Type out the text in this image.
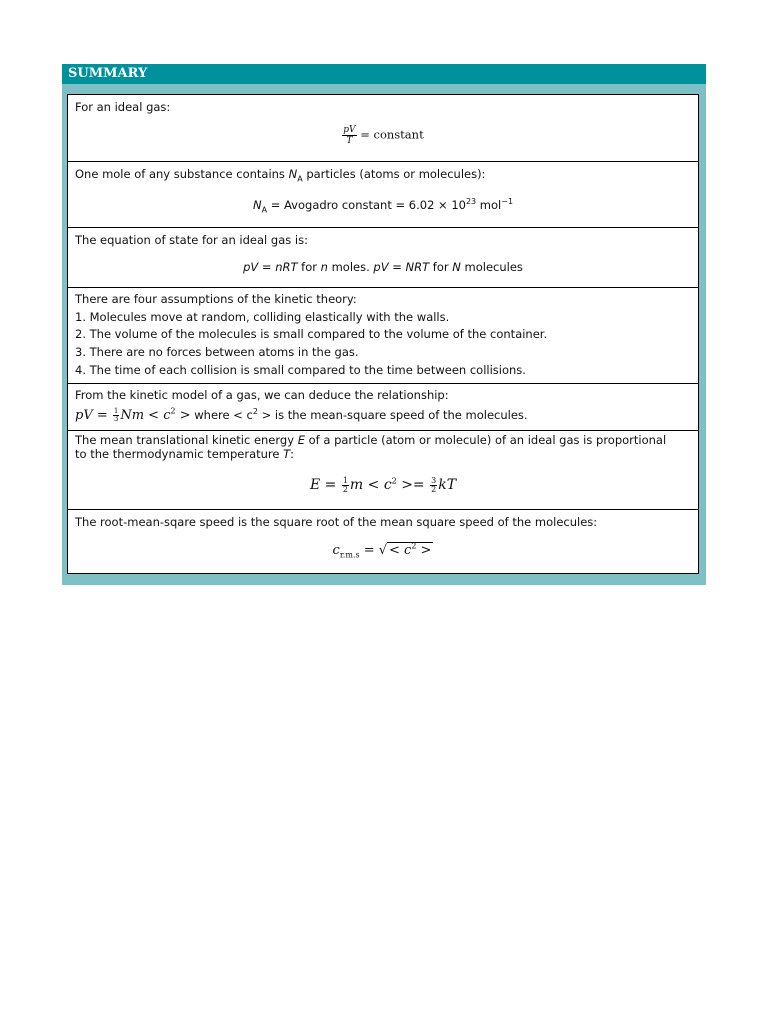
SUMMARY
For an ideal gas:
$\frac{pV}{T}$ = constant
One mole of any substance contains $N_A$ particles (atoms or molecules):
$N_A$ = Avogadro constant = $6.02 \times 10^{23}$ mol$^{-1}$
The equation of state for an ideal gas is:
pV = nRT for n moles. pV = NRT for N molecules
There are four assumptions of the kinetic theory:
1. Molecules move at random, colliding elastically with the walls.
2. The volume of the molecules is small compared to the volume of the container.
3. There are no forces between atoms in the gas.
4. The time of each collision is small compared to the time between collisions.
From the kinetic model of a gas, we can deduce the relationship:
pV = $\frac{1}{3}$ $Nm < c^2$ > where < $c^2$ > is the mean-square speed of the molecules.
The mean translational kinetic energy E of a particle (atom or molecule) of an ideal gas is proportional
to the thermodynamic temperature T:
$E = \frac{1}{2}$ $m < c^2 >= \frac{3}{2}$ kT
The root-mean-sqare speed is the square root of the mean square speed of the molecules:
$c_{r.m.s}$ = √ < $c^2$ >
